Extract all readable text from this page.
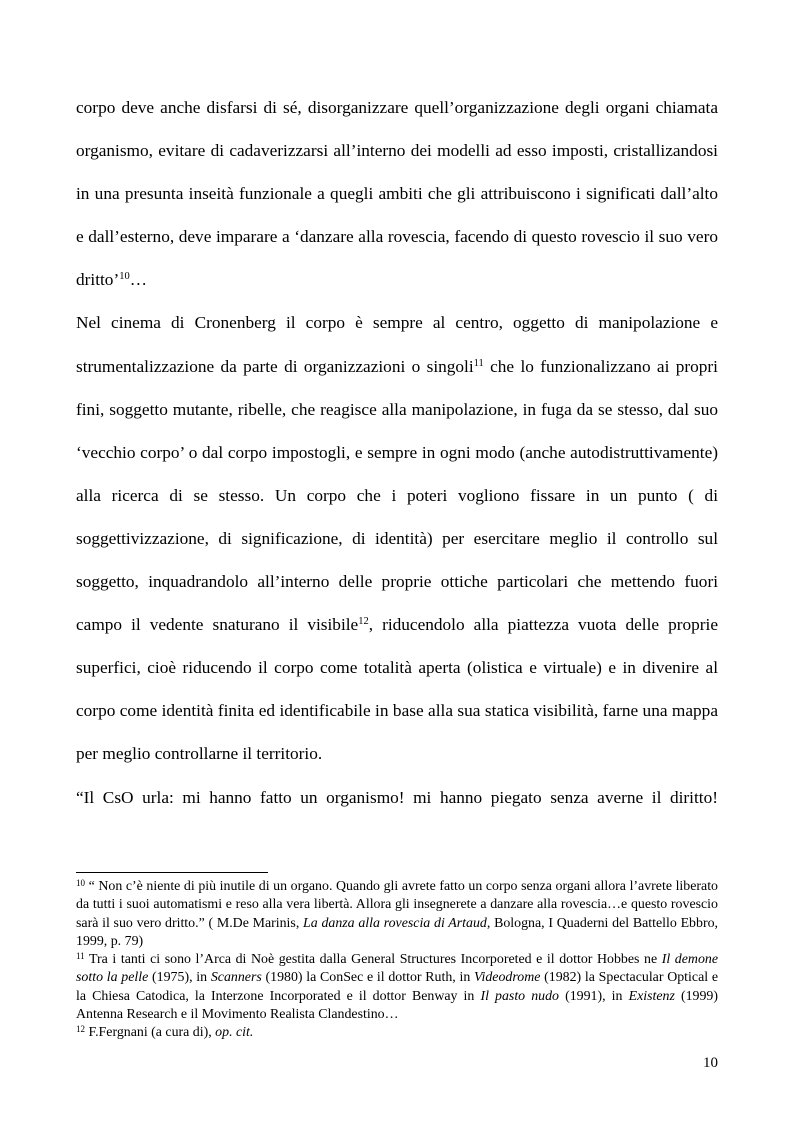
corpo deve anche disfarsi di sé, disorganizzare quell’organizzazione degli organi chiamata organismo, evitare di cadaverizzarsi all’interno dei modelli ad esso imposti, cristallizandosi in una presunta inseità funzionale a quegli ambiti che gli attribuiscono i significati dall’alto e dall’esterno, deve imparare a ‘danzare alla rovescia, facendo di questo rovescio il suo vero dritto’$^{10}$…

Nel cinema di Cronenberg il corpo è sempre al centro, oggetto di manipolazione e strumentalizzazione da parte di organizzazioni o singoli$^{11}$ che lo funzionalizzano ai propri fini, soggetto mutante, ribelle, che reagisce alla manipolazione, in fuga da se stesso, dal suo ‘vecchio corpo’ o dal corpo impostogli, e sempre in ogni modo (anche autodistruttivamente) alla ricerca di se stesso. Un corpo che i poteri vogliono fissare in un punto ( di soggettivizzazione, di significazione, di identità) per esercitare meglio il controllo sul soggetto, inquadrandolo all’interno delle proprie ottiche particolari che mettendo fuori campo il vedente snaturano il visibile$^{12}$, riducendolo alla piattezza vuota delle proprie superfici, cioè riducendo il corpo come totalità aperta (olistica e virtuale) e in divenire al corpo come identità finita ed identificabile in base alla sua statica visibilità, farne una mappa per meglio controllarne il territorio.

“Il CsO urla: mi hanno fatto un organismo! mi hanno piegato senza averne il diritto!

$^{10}$ “ Non c’è niente di più inutile di un organo. Quando gli avrete fatto un corpo senza organi allora l’avrete liberato da tutti i suoi automatismi e reso alla vera libertà. Allora gli insegnerete a danzare alla rovescia…e questo rovescio sarà il suo vero dritto.” ( M.De Marinis, La danza alla rovescia di Artaud, Bologna, I Quaderni del Battello Ebbro, 1999, p. 79)

$^{11}$ Tra i tanti ci sono l’Arca di Noè gestita dalla General Structures Incorporeted e il dottor Hobbes ne Il demone sotto la pelle (1975), in Scanners (1980) la ConSec e il dottor Ruth, in Videodrome (1982) la Spectacular Optical e la Chiesa Catodica, la Interzone Incorporated e il dottor Benway in Il pasto nudo (1991), in Existenz (1999) Antenna Research e il Movimento Realista Clandestino…

$^{12}$ F.Fergnani (a cura di), op. cit.

10
